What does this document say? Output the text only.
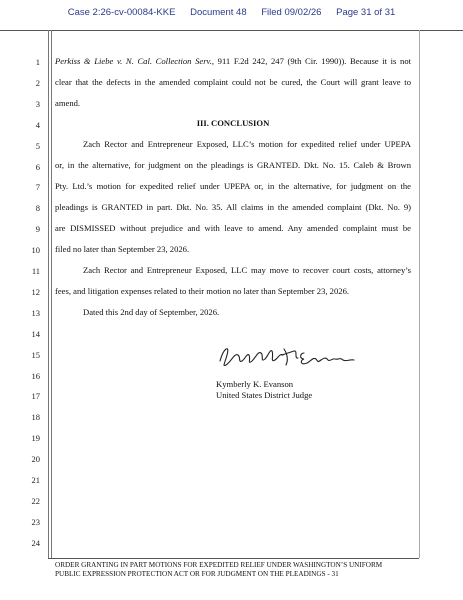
Case 2:26-cv-00084-KKE Document 48 Filed 09/02/26 Page 31 of 31
1
2
3
4
5
6
7
8
9
10
11
12
13
14
15
16
17
18
19
20
21
22
23
24
Perkiss & Liebe v. N. Cal. Collection Serv., 911 F.2d 242, 247 (9th Cir. 1990)). Because it is not
clear that the defects in the amended complaint could not be cured, the Court will grant leave to
amend.
III. CONCLUSION
Zach Rector and Entrepreneur Exposed, LLC’s motion for expedited relief under UPEPA
or, in the alternative, for judgment on the pleadings is GRANTED. Dkt. No. 15. Caleb & Brown
Pty. Ltd.’s motion for expedited relief under UPEPA or, in the alternative, for judgment on the
pleadings is GRANTED in part. Dkt. No. 35. All claims in the amended complaint (Dkt. No. 9)
are DISMISSED without prejudice and with leave to amend. Any amended complaint must be
filed no later than September 23, 2026.
Zach Rector and Entrepreneur Exposed, LLC may move to recover court costs, attorney’s
fees, and litigation expenses related to their motion no later than September 23, 2026.
Dated this 2nd day of September, 2026.
Kymberly K. Evanson
United States District Judge
ORDER GRANTING IN PART MOTIONS FOR EXPEDITED RELIEF UNDER WASHINGTON’S UNIFORM
PUBLIC EXPRESSION PROTECTION ACT OR FOR JUDGMENT ON THE PLEADINGS - 31
